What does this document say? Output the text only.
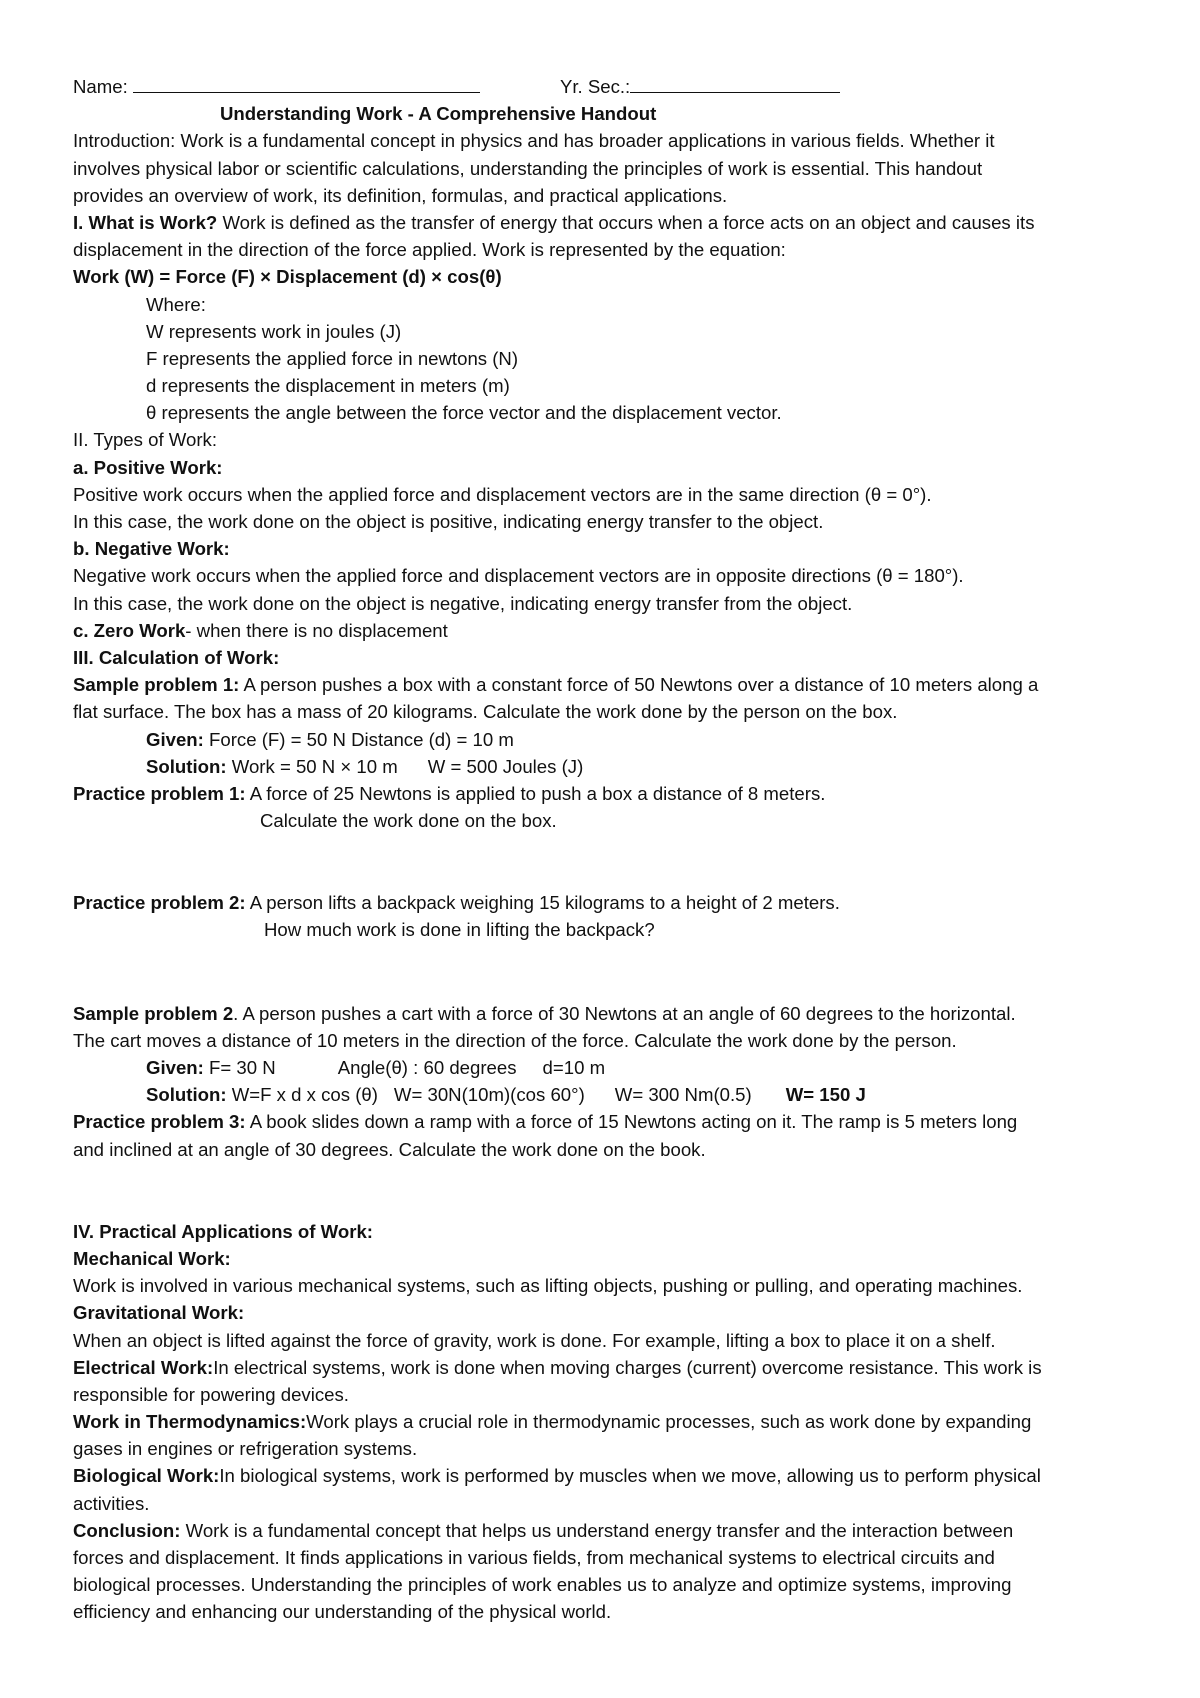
Name:	Yr. Sec.:
Understanding Work - A Comprehensive Handout
Introduction: Work is a fundamental concept in physics and has broader applications in various fields. Whether it
involves physical labor or scientific calculations, understanding the principles of work is essential. This handout
provides an overview of work, its definition, formulas, and practical applications.
I. What is Work? Work is defined as the transfer of energy that occurs when a force acts on an object and causes its
displacement in the direction of the force applied. Work is represented by the equation:
Work (W) = Force (F) × Displacement (d) × cos(θ)
Where:
W represents work in joules (J)
F represents the applied force in newtons (N)
d represents the displacement in meters (m)
θ represents the angle between the force vector and the displacement vector.
II. Types of Work:
a. Positive Work:
Positive work occurs when the applied force and displacement vectors are in the same direction (θ = 0°).
In this case, the work done on the object is positive, indicating energy transfer to the object.
b. Negative Work:
Negative work occurs when the applied force and displacement vectors are in opposite directions (θ = 180°).
In this case, the work done on the object is negative, indicating energy transfer from the object.
c. Zero Work- when there is no displacement
III. Calculation of Work:
Sample problem 1: A person pushes a box with a constant force of 50 Newtons over a distance of 10 meters along a
flat surface. The box has a mass of 20 kilograms. Calculate the work done by the person on the box.
Given: Force (F) = 50 N Distance (d) = 10 m
Solution: Work = 50 N × 10 m W = 500 Joules (J)
Practice problem 1: A force of 25 Newtons is applied to push a box a distance of 8 meters.
Calculate the work done on the box.
Practice problem 2: A person lifts a backpack weighing 15 kilograms to a height of 2 meters.
How much work is done in lifting the backpack?
Sample problem 2. A person pushes a cart with a force of 30 Newtons at an angle of 60 degrees to the horizontal.
The cart moves a distance of 10 meters in the direction of the force. Calculate the work done by the person.
Given: F= 30 N	Angle(θ) : 60 degrees d=10 m
Solution: W=F x d x cos (θ) W= 30N(10m)(cos 60°) W= 300 Nm(0.5) W= 150 J
Practice problem 3: A book slides down a ramp with a force of 15 Newtons acting on it. The ramp is 5 meters long
and inclined at an angle of 30 degrees. Calculate the work done on the book.
IV. Practical Applications of Work:
Mechanical Work:
Work is involved in various mechanical systems, such as lifting objects, pushing or pulling, and operating machines.
Gravitational Work:
When an object is lifted against the force of gravity, work is done. For example, lifting a box to place it on a shelf.
Electrical Work:In electrical systems, work is done when moving charges (current) overcome resistance. This work is
responsible for powering devices.
Work in Thermodynamics:Work plays a crucial role in thermodynamic processes, such as work done by expanding
gases in engines or refrigeration systems.
Biological Work:In biological systems, work is performed by muscles when we move, allowing us to perform physical
activities.
Conclusion: Work is a fundamental concept that helps us understand energy transfer and the interaction between
forces and displacement. It finds applications in various fields, from mechanical systems to electrical circuits and
biological processes. Understanding the principles of work enables us to analyze and optimize systems, improving
efficiency and enhancing our understanding of the physical world.
